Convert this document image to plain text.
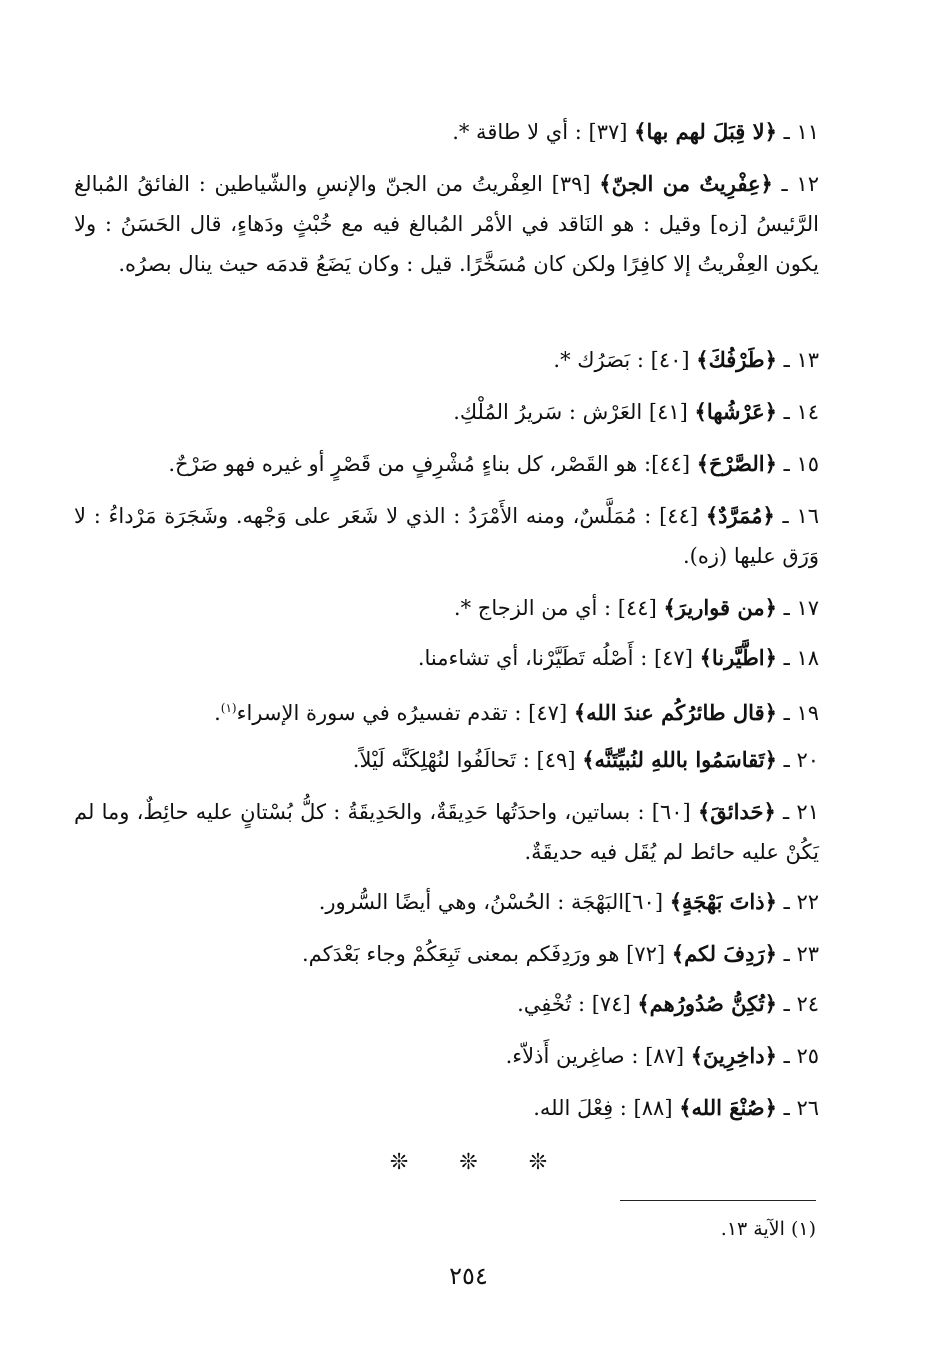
١١ ـ ﴿لا قِبَلَ لهم بها﴾ [٣٧] : أي لا طاقة *.
١٢ ـ ﴿عِفْرِيتٌ من الجنّ﴾ [٣٩] العِفْريتُ من الجنّ والإنسِ والشّياطين : الفائقُ المُبالغ الرَّئيسُ [زه] وقيل : هو النَاقد في الأمْر المُبالغ فيه مع خُبْثٍ ودَهاءٍ، قال الحَسَنُ : ولا يكون العِفْريتُ إلا كافِرًا ولكن كان مُسَخَّرًا. قيل : وكان يَضَعُ قدمَه حيث ينال بصرُه.
١٣ ـ ﴿طَرْفُكَ﴾ [٤٠] : بَصَرُك *.
١٤ ـ ﴿عَرْشُها﴾ [٤١] العَرْش : سَريرُ المُلْكِ.
١٥ ـ ﴿الصَّرْحَ﴾ [٤٤]: هو القَصْر، كل بناءٍ مُشْرِفٍ من قَصْرٍ أو غيره فهو صَرْحٌ.
١٦ ـ ﴿مُمَرَّدٌ﴾ [٤٤] : مُمَلَّسٌ، ومنه الأَمْرَدُ : الذي لا شَعَر على وَجْهه. وشَجَرَة مَرْداءُ : لا وَرَق عليها (زه).
١٧ ـ ﴿من قواريرَ﴾ [٤٤] : أي من الزجاج *.
١٨ ـ ﴿اطَّيَّرنا﴾ [٤٧] : أَصْلُه تَطَيَّرْنا، أي تشاءمنا.
١٩ ـ ﴿قال طائرُكُم عندَ الله﴾ [٤٧] : تقدم تفسيرُه في سورة الإسراء$^{(١)}$.
٢٠ ـ ﴿تَقاسَمُوا باللهِ لنُبيِّتَنَّه﴾ [٤٩] : تَحالَفُوا لنُهْلِكَنَّه لَيْلاً.
٢١ ـ ﴿حَدائقَ﴾ [٦٠] : بساتين، واحدَتُها حَدِيقَةٌ، والحَدِيقَةُ : كلُّ بُسْتانٍ عليه حائِطٌ، وما لم يَكُنْ عليه حائط لم يُقَل فيه حديقَةٌ.
٢٢ ـ ﴿ذاتَ بَهْجَةٍ﴾ [٦٠]البَهْجَة : الحُسْنُ، وهي أيضًا السُّرور.
٢٣ ـ ﴿رَدِفَ لكم﴾ [٧٢] هو ورَدِفَكم بمعنى تَبِعَكُمْ وجاء بَعْدَكم.
٢٤ ـ ﴿تُكِنُّ صُدُورُهم﴾ [٧٤] : تُخْفِي.
٢٥ ـ ﴿داخِرِينَ﴾ [٨٧] : صاغِرين أَذلاّء.
٢٦ ـ ﴿صُنْعَ الله﴾ [٨٨] : فِعْلَ الله.
❊ ❊ ❊
(١) الآية ١٣.
٢٥٤
